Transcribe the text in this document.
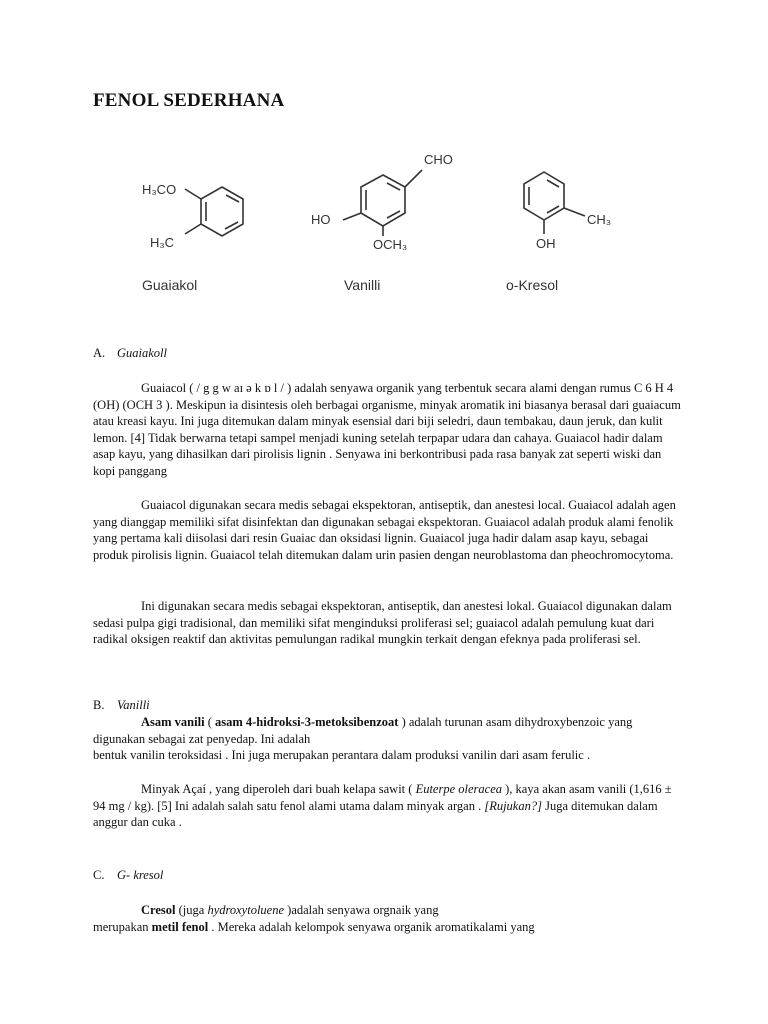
FENOL SEDERHANA
H₃CO
H₃C
Guaiakol
CHO
HO
OCH₃
Vanilli
CH₃
OH
o-Kresol
A. Guaiakoll

Guaiacol ( / g g w aɪ ə k ɒ l / ) adalah senyawa organik yang terbentuk secara alami dengan rumus C 6 H 4 (OH) (OCH 3 ). Meskipun ia disintesis oleh berbagai organisme, minyak aromatik ini biasanya berasal dari guaiacum atau kreasi kayu. Ini juga ditemukan dalam minyak esensial dari biji seledri, daun tembakau, daun jeruk, dan kulit lemon. [4] Tidak berwarna tetapi sampel menjadi kuning setelah terpapar udara dan cahaya. Guaiacol hadir dalam asap kayu, yang dihasilkan dari pirolisis lignin . Senyawa ini berkontribusi pada rasa banyak zat seperti wiski dan kopi panggang

Guaiacol digunakan secara medis sebagai ekspektoran, antiseptik, dan anestesi local. Guaiacol adalah agen yang dianggap memiliki sifat disinfektan dan digunakan sebagai ekspektoran. Guaiacol adalah produk alami fenolik yang pertama kali diisolasi dari resin Guaiac dan oksidasi lignin. Guaiacol juga hadir dalam asap kayu, sebagai produk pirolisis lignin. Guaiacol telah ditemukan dalam urin pasien dengan neuroblastoma dan pheochromocytoma.

Ini digunakan secara medis sebagai ekspektoran, antiseptik, dan anestesi lokal. Guaiacol digunakan dalam sedasi pulpa gigi tradisional, dan memiliki sifat menginduksi proliferasi sel; guaiacol adalah pemulung kuat dari radikal oksigen reaktif dan aktivitas pemulungan radikal mungkin terkait dengan efeknya pada proliferasi sel.

B. Vanilli

Asam vanili ( asam 4-hidroksi-3-metoksibenzoat ) adalah turunan asam dihydroxybenzoic yang digunakan sebagai zat penyedap. Ini adalah
bentuk vanilin teroksidasi . Ini juga merupakan perantara dalam produksi vanilin dari asam ferulic .

Minyak Açaí , yang diperoleh dari buah kelapa sawit ( Euterpe oleracea ), kaya akan asam vanili (1,616 ± 94 mg / kg). [5] Ini adalah salah satu fenol alami utama dalam minyak argan . [Rujukan?] Juga ditemukan dalam anggur dan cuka .

C. G- kresol

Cresol (juga hydroxytoluene )adalah senyawa orgnaik yang
merupakan metil fenol . Mereka adalah kelompok senyawa organik aromatikalami yang
